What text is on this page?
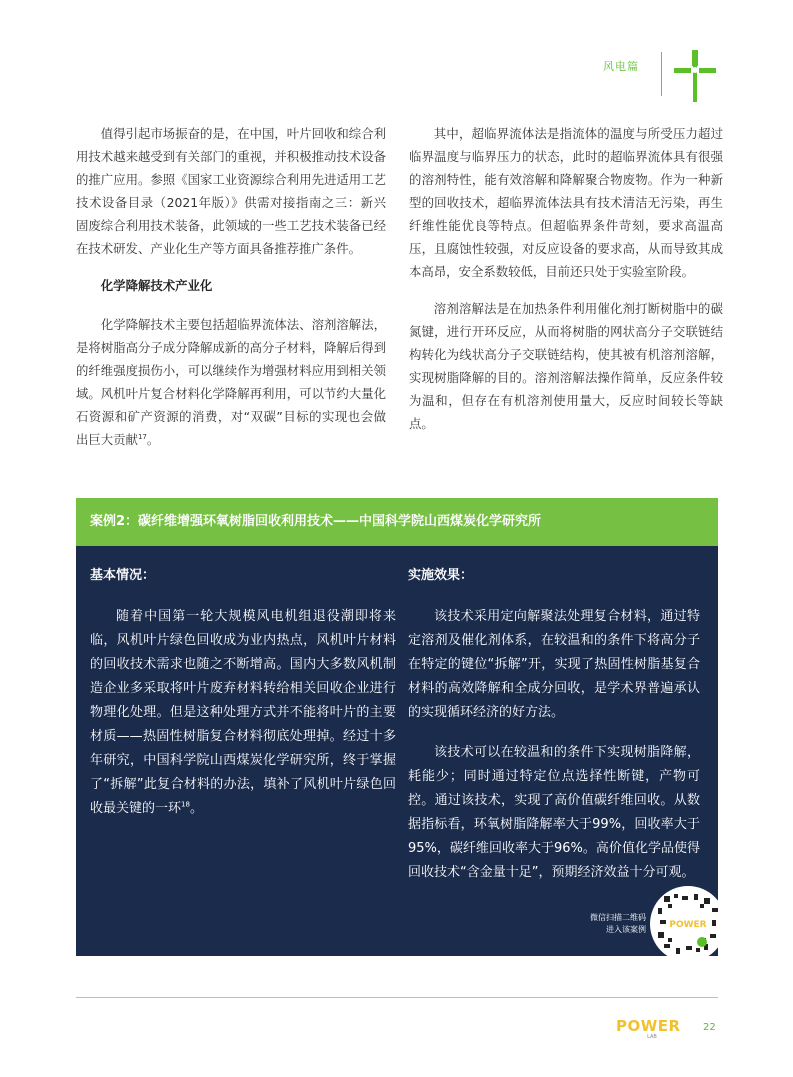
风电篇

值得引起市场振奋的是，在中国，叶片回收和综合利用技术越来越受到有关部门的重视，并积极推动技术设备的推广应用。参照《国家工业资源综合利用先进适用工艺技术设备目录（2021年版）》供需对接指南之三：新兴固废综合利用技术装备，此领域的一些工艺技术装备已经在技术研发、产业化生产等方面具备推荐推广条件。

化学降解技术产业化

化学降解技术主要包括超临界流体法、溶剂溶解法，是将树脂高分子成分降解成新的高分子材料，降解后得到的纤维强度损伤小，可以继续作为增强材料应用到相关领域。风机叶片复合材料化学降解再利用，可以节约大量化石资源和矿产资源的消费，对“双碳”目标的实现也会做出巨大贡献$^{17}$。

其中，超临界流体法是指流体的温度与所受压力超过临界温度与临界压力的状态，此时的超临界流体具有很强的溶剂特性，能有效溶解和降解聚合物废物。作为一种新型的回收技术，超临界流体法具有技术清洁无污染，再生纤维性能优良等特点。但超临界条件苛刻，要求高温高压，且腐蚀性较强，对反应设备的要求高，从而导致其成本高昂，安全系数较低，目前还只处于实验室阶段。

溶剂溶解法是在加热条件利用催化剂打断树脂中的碳氮键，进行开环反应，从而将树脂的网状高分子交联链结构转化为线状高分子交联链结构，使其被有机溶剂溶解，实现树脂降解的目的。溶剂溶解法操作简单，反应条件较为温和，但存在有机溶剂使用量大，反应时间较长等缺点。

案例2：碳纤维增强环氧树脂回收利用技术——中国科学院山西煤炭化学研究所
基本情况：

随着中国第一轮大规模风电机组退役潮即将来临，风机叶片绿色回收成为业内热点，风机叶片材料的回收技术需求也随之不断增高。国内大多数风机制造企业多采取将叶片废弃材料转给相关回收企业进行物理化处理。但是这种处理方式并不能将叶片的主要材质——热固性树脂复合材料彻底处理掉。经过十多年研究，中国科学院山西煤炭化学研究所，终于掌握了“拆解”此复合材料的办法，填补了风机叶片绿色回收最关键的一环$^{18}$。

实施效果：

该技术采用定向解聚法处理复合材料，通过特定溶剂及催化剂体系，在较温和的条件下将高分子在特定的键位“拆解”开，实现了热固性树脂基复合材料的高效降解和全成分回收，是学术界普遍承认的实现循环经济的好方法。

该技术可以在较温和的条件下实现树脂降解，耗能少；同时通过特定位点选择性断键，产物可控。通过该技术，实现了高价值碳纤维回收。从数据指标看，环氧树脂降解率大于99%，回收率大于95%，碳纤维回收率大于96%。高价值化学品使得回收技术“含金量十足”，预期经济效益十分可观。

微信扫描二维码
进入该案例	POWER
POWER
LAB
22
